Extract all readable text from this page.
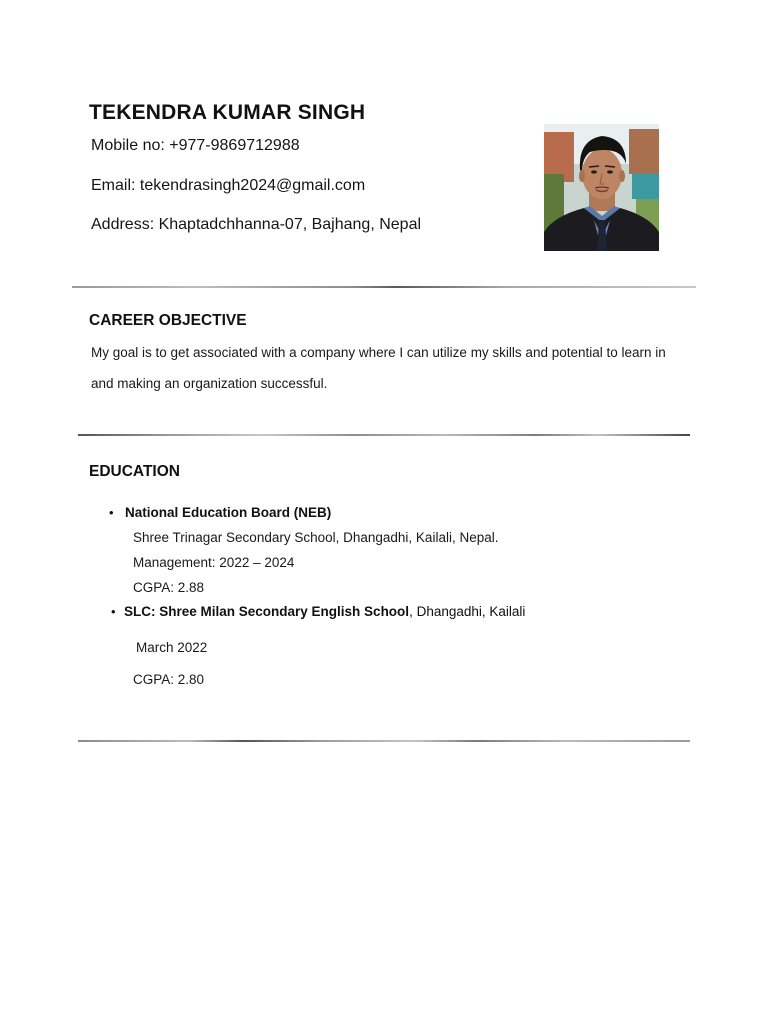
TEKENDRA KUMAR SINGH
Mobile no: +977-9869712988
Email: tekendrasingh2024@gmail.com
Address: Khaptadchhanna-07, Bajhang, Nepal
CAREER OBJECTIVE
My goal is to get associated with a company where I can utilize my skills and potential to learn in
and making an organization successful.
EDUCATION
• National Education Board (NEB)
Shree Trinagar Secondary School, Dhangadhi, Kailali, Nepal.
Management: 2022 – 2024
CGPA: 2.88
• SLC: Shree Milan Secondary English School, Dhangadhi, Kailali
March 2022
CGPA: 2.80
